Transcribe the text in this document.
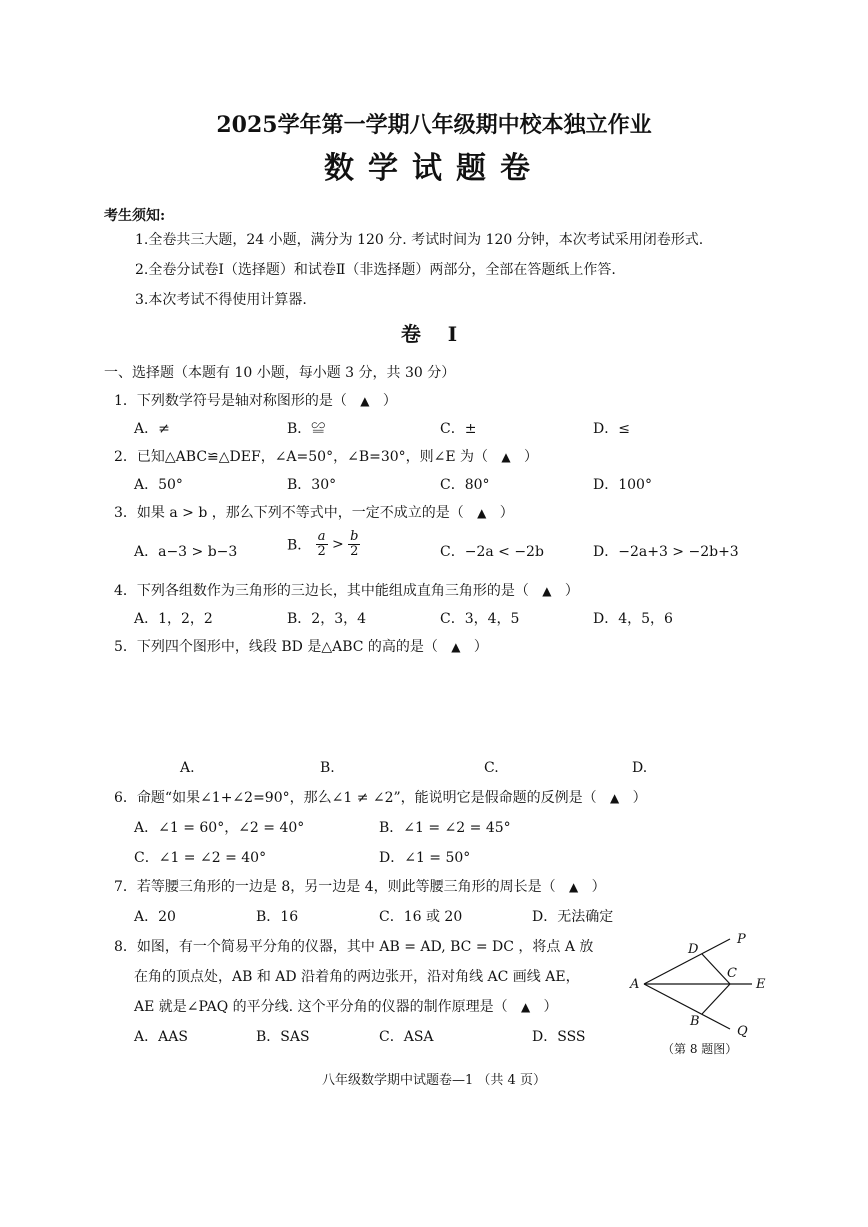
2025学年第一学期八年级期中校本独立作业
数学试题卷
考生须知:
1.全卷共三大题，24 小题，满分为 120 分. 考试时间为 120 分钟，本次考试采用闭卷形式.
2.全卷分试卷Ⅰ（选择题）和试卷Ⅱ（非选择题）两部分，全部在答题纸上作答.
3.本次考试不得使用计算器.
卷 Ⅰ
一、选择题（本题有 10 小题，每小题 3 分，共 30 分）
1．下列数学符号是轴对称图形的是（ ▲ ）
A．≠	B．≌	C．±	D．≤
2．已知△ABC≌△DEF，∠A=50°，∠B=30°，则∠E 为（ ▲ ）
A．50°	B．30°	C．80°	D．100°
3．如果 a > b ，那么下列不等式中，一定不成立的是（ ▲ ）
A．a−3 > b−3	B． $\frac{a}{2} > \frac{b}{2}$	C．−2a < −2b	D．−2a+3 > −2b+3
4．下列各组数作为三角形的三边长，其中能组成直角三角形的是（ ▲ ）
A．1，2，2	B．2，3，4	C．3，4，5	D．4，5，6
5．下列四个图形中，线段 BD 是△ABC 的高的是（ ▲ ）
A.	B.	C.	D.
6．命题“如果∠1+∠2=90°，那么∠1 ≠ ∠2”，能说明它是假命题的反例是（ ▲ ）
A．∠1 = 60°，∠2 = 40°	B．∠1 = ∠2 = 45°
C．∠1 = ∠2 = 40°	D．∠1 = 50°
7．若等腰三角形的一边是 8，另一边是 4，则此等腰三角形的周长是（ ▲ ）
A．20	B．16	C．16 或 20	D．无法确定
8．如图，有一个简易平分角的仪器，其中 AB = AD, BC = DC ，将点 A 放
在角的顶点处，AB 和 AD 沿着角的两边张开，沿对角线 AC 画线 AE，
AE 就是∠PAQ 的平分线. 这个平分角的仪器的制作原理是（ ▲ ）
A．AAS	B．SAS	C．ASA	D．SSS
P
D
A
C
E
B
Q
（第 8 题图）
八年级数学期中试题卷—1 （共 4 页）
